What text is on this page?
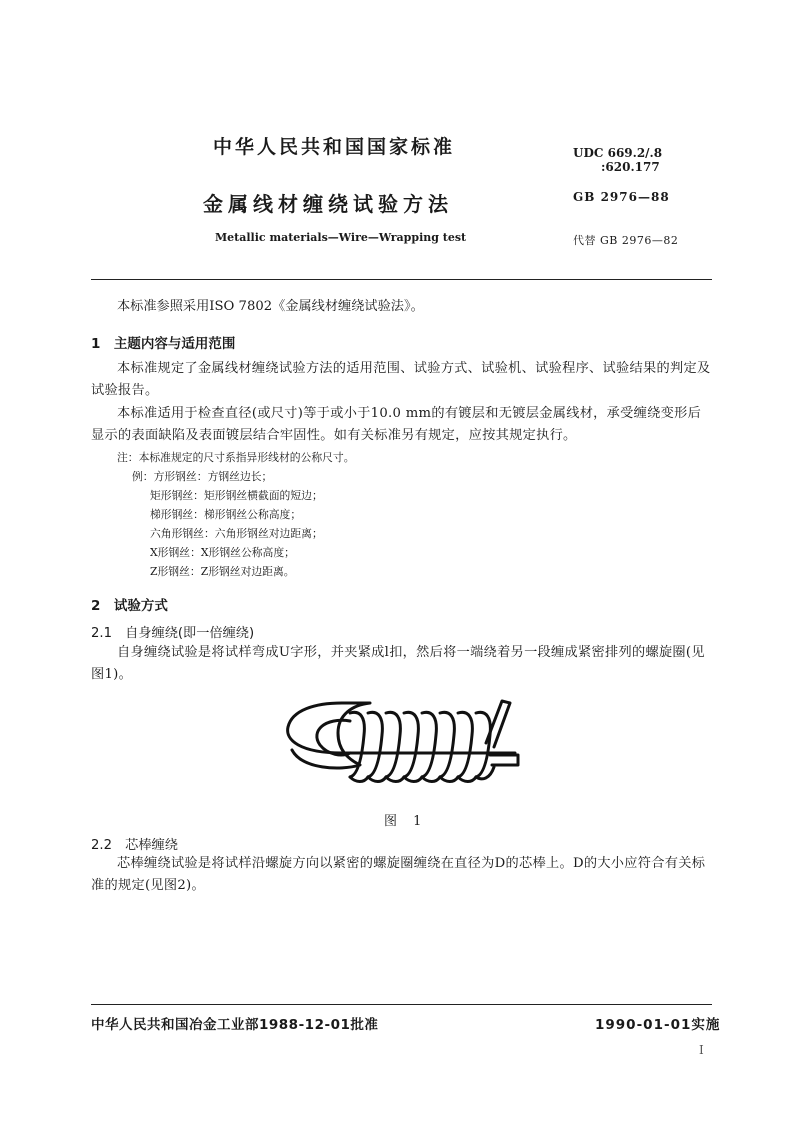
中华人民共和国国家标准
金属线材缠绕试验方法
Metallic materials—Wire—Wrapping test
UDC 669.2/.8
:620.177
GB 2976—88
代替 GB 2976—82
本标准参照采用ISO 7802《金属线材缠绕试验法》。
1　主题内容与适用范围
本标准规定了金属线材缠绕试验方法的适用范围、试验方式、试验机、试验程序、试验结果的判定及试验报告。
本标准适用于检查直径(或尺寸)等于或小于10.0 mm的有镀层和无镀层金属线材，承受缠绕变形后显示的表面缺陷及表面镀层结合牢固性。如有关标准另有规定，应按其规定执行。
注：本标准规定的尺寸系指异形线材的公称尺寸。
例：方形钢丝：方钢丝边长；
矩形钢丝：矩形钢丝横截面的短边；
梯形钢丝：梯形钢丝公称高度；
六角形钢丝：六角形钢丝对边距离；
X形钢丝：X形钢丝公称高度；
Z形钢丝：Z形钢丝对边距离。
2　试验方式
2.1　自身缠绕(即一倍缠绕)
自身缠绕试验是将试样弯成U字形，并夹紧成l扣，然后将一端绕着另一段缠成紧密排列的螺旋圈(见图1)。
图 1
2.2　芯棒缠绕
芯棒缠绕试验是将试样沿螺旋方向以紧密的螺旋圈缠绕在直径为D的芯棒上。D的大小应符合有关标准的规定(见图2)。
中华人民共和国冶金工业部1988-12-01批准	1990-01-01实施
I
